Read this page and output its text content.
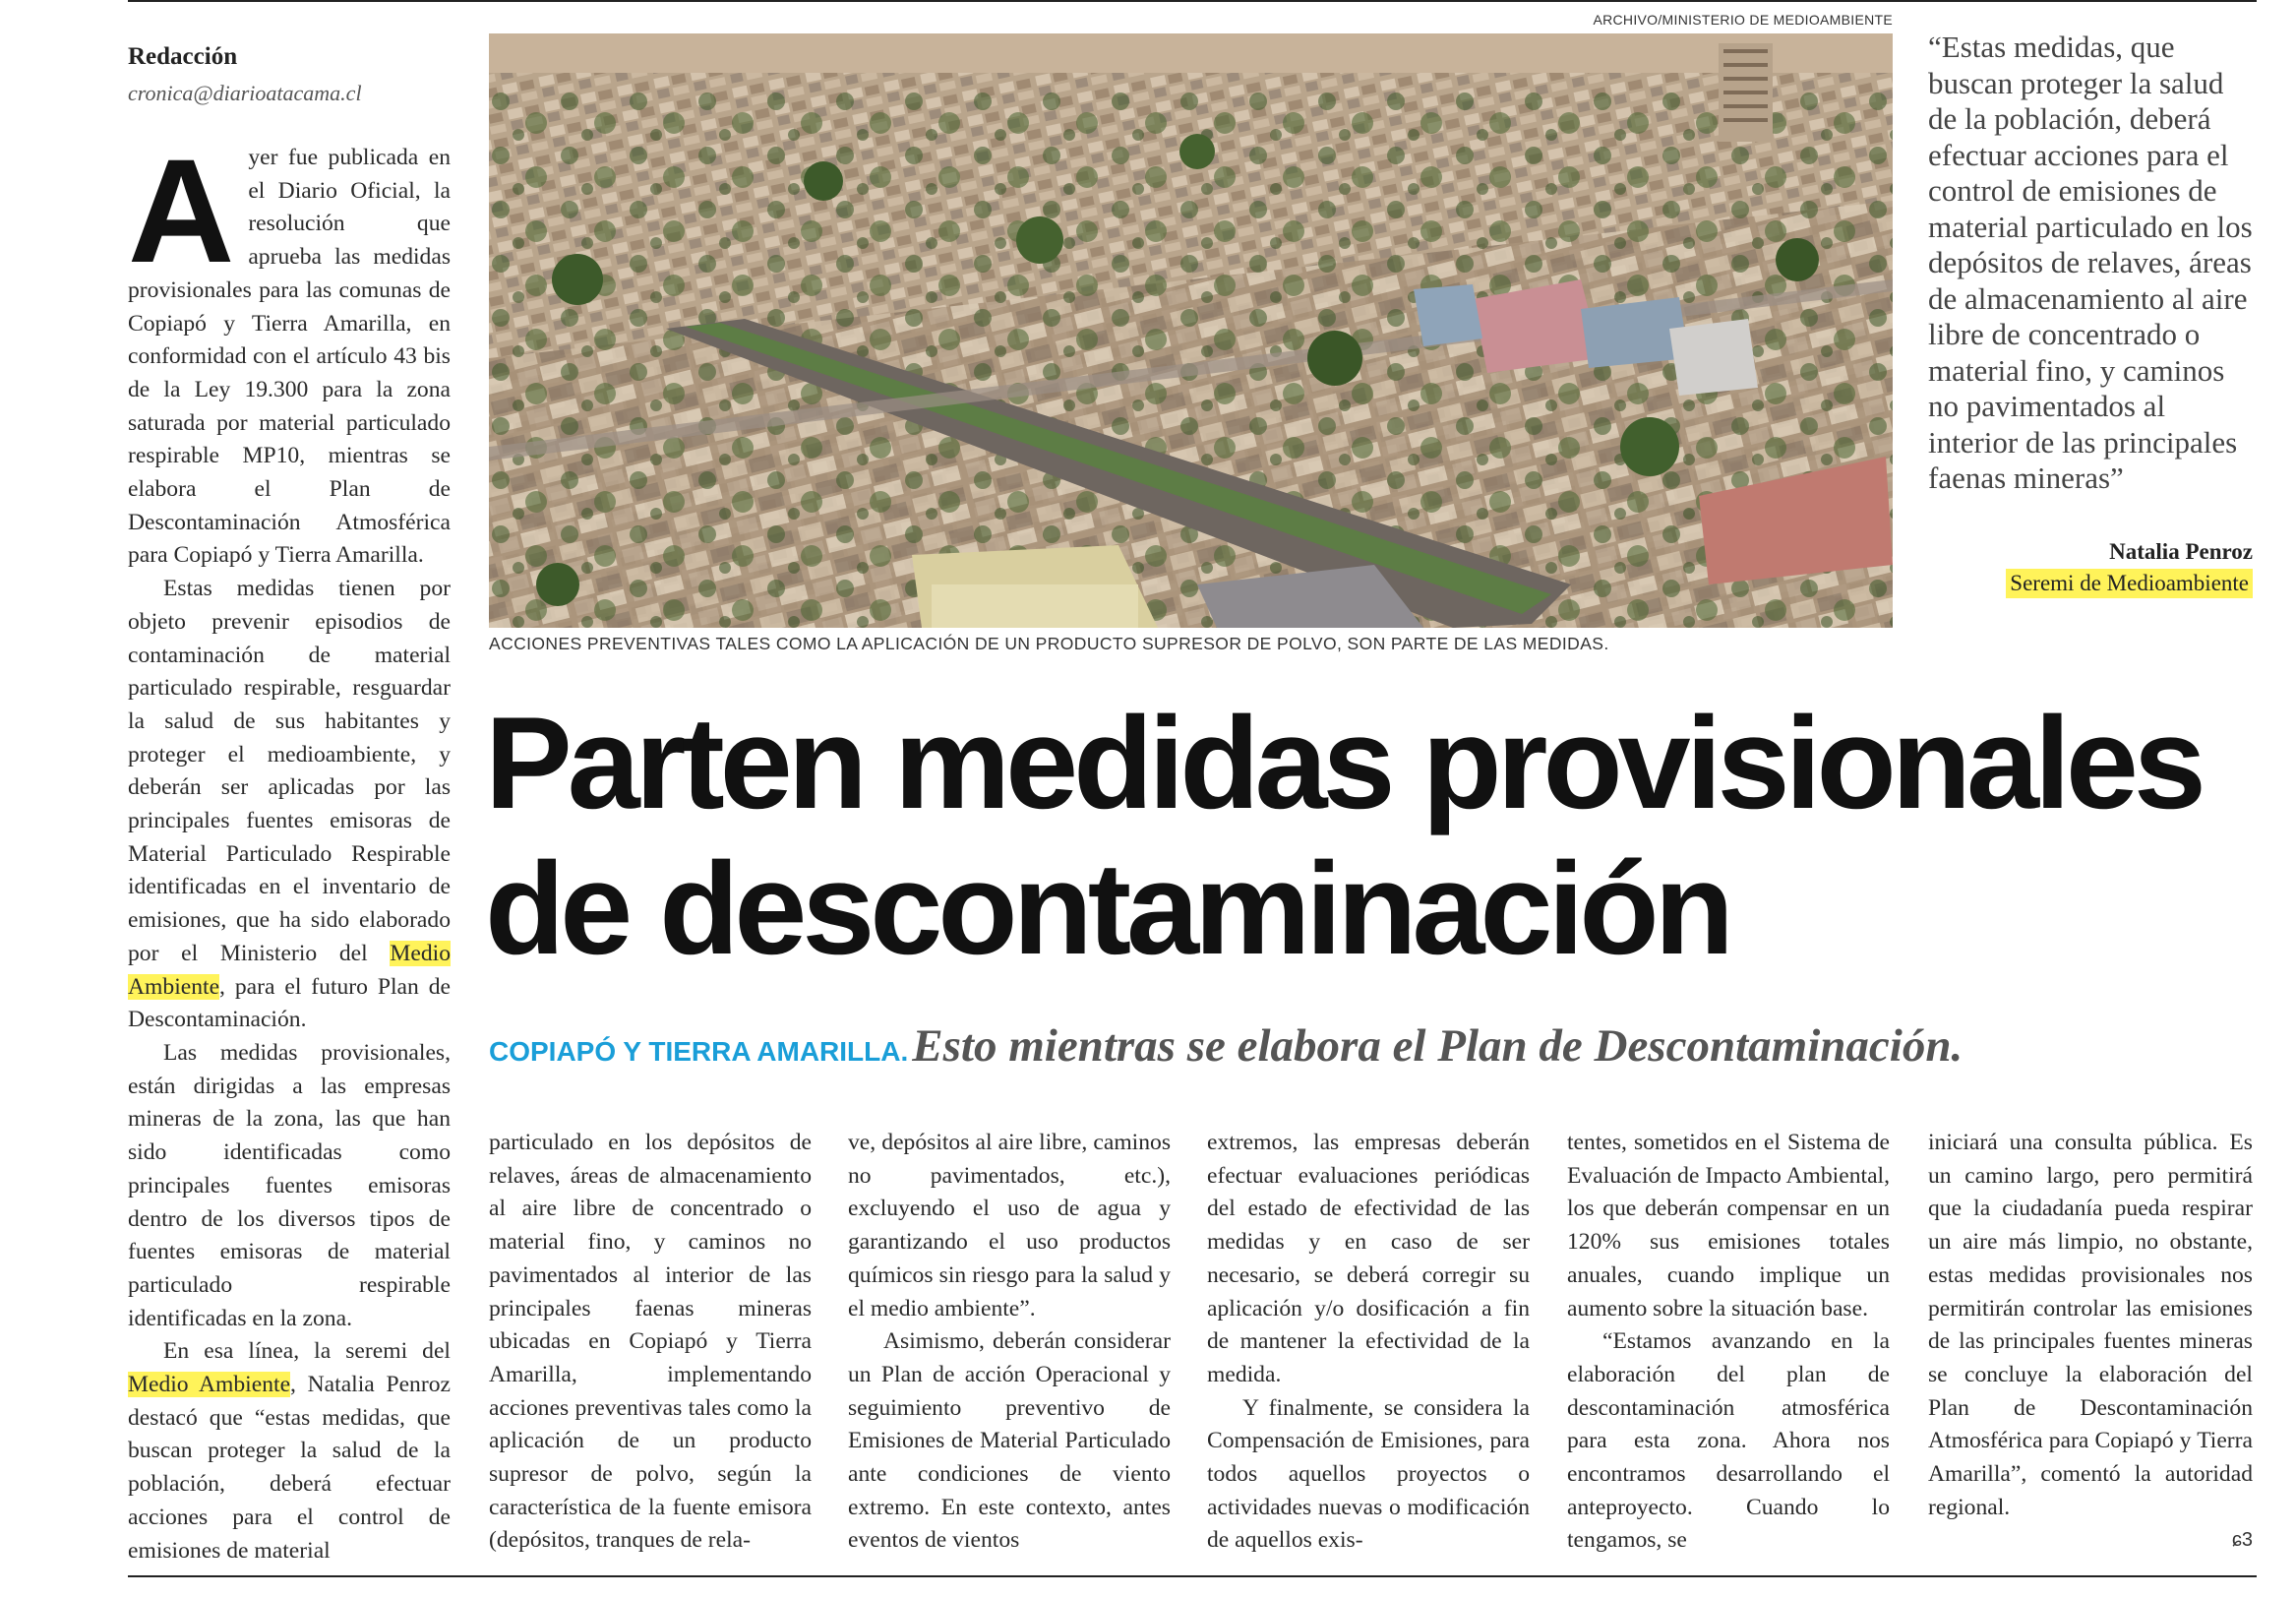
Redacción
cronica@diarioatacama.cl
ARCHIVO/MINISTERIO DE MEDIOAMBIENTE
ACCIONES PREVENTIVAS TALES COMO LA APLICACIÓN DE UN PRODUCTO SUPRESOR DE POLVO, SON PARTE DE LAS MEDIDAS.
“Estas medidas, que buscan proteger la salud de la población, deberá efectuar acciones para el control de emisiones de material particulado en los depósitos de relaves, áreas de almacenamiento al aire libre de concentrado o material fino, y caminos no pavimentados al interior de las principales faenas mineras”
Natalia Penroz
Seremi de Medioambiente
Parten medidas provisionales de descontaminación
COPIAPÓ Y TIERRA AMARILLA. Esto mientras se elabora el Plan de Descontaminación.

Ayer fue publicada en el Diario Oficial, la resolución que aprueba las medidas provisionales para las comunas de Copiapó y Tierra Amarilla, en conformidad con el artículo 43 bis de la Ley 19.300 para la zona saturada por material particulado respirable MP10, mientras se elabora el Plan de Descontaminación Atmosférica para Copiapó y Tierra Amarilla.

Estas medidas tienen por objeto prevenir episodios de contaminación de material particulado respirable, resguardar la salud de sus habitantes y proteger el medioambiente, y deberán ser aplicadas por las principales fuentes emisoras de Material Particulado Respirable identificadas en el inventario de emisiones, que ha sido elaborado por el Ministerio del Medio Ambiente, para el futuro Plan de Descontaminación.

Las medidas provisionales, están dirigidas a las empresas mineras de la zona, las que han sido identificadas como principales fuentes emisoras dentro de los diversos tipos de fuentes emisoras de material particulado respirable identificadas en la zona.

En esa línea, la seremi del Medio Ambiente, Natalia Penroz destacó que “estas medidas, que buscan proteger la salud de la población, deberá efectuar acciones para el control de emisiones de material

particulado en los depósitos de relaves, áreas de almacenamiento al aire libre de concentrado o material fino, y caminos no pavimentados al interior de las principales faenas mineras ubicadas en Copiapó y Tierra Amarilla, implementando acciones preventivas tales como la aplicación de un producto supresor de polvo, según la característica de la fuente emisora (depósitos, tranques de rela-

ve, depósitos al aire libre, caminos no pavimentados, etc.), excluyendo el uso de agua y garantizando el uso productos químicos sin riesgo para la salud y el medio ambiente”.

Asimismo, deberán considerar un Plan de acción Operacional y seguimiento preventivo de Emisiones de Material Particulado ante condiciones de viento extremo. En este contexto, antes eventos de vientos

extremos, las empresas deberán efectuar evaluaciones periódicas del estado de efectividad de las medidas y en caso de ser necesario, se deberá corregir su aplicación y/o dosificación a fin de mantener la efectividad de la medida.

Y finalmente, se considera la Compensación de Emisiones, para todos aquellos proyectos o actividades nuevas o modificación de aquellos exis-

tentes, sometidos en el Sistema de Evaluación de Impacto Ambiental, los que deberán compensar en un 120% sus emisiones totales anuales, cuando implique un aumento sobre la situación base.

“Estamos avanzando en la elaboración del plan de descontaminación atmosférica para esta zona. Ahora nos encontramos desarrollando el anteproyecto. Cuando lo tengamos, se

iniciará una consulta pública. Es un camino largo, pero permitirá que la ciudadanía pueda respirar un aire más limpio, no obstante, estas medidas provisionales nos permitirán controlar las emisiones de las principales fuentes mineras se concluye la elaboración del Plan de Descontaminación Atmosférica para Copiapó y Tierra Amarilla”, comentó la autoridad regional.

ɕ3
